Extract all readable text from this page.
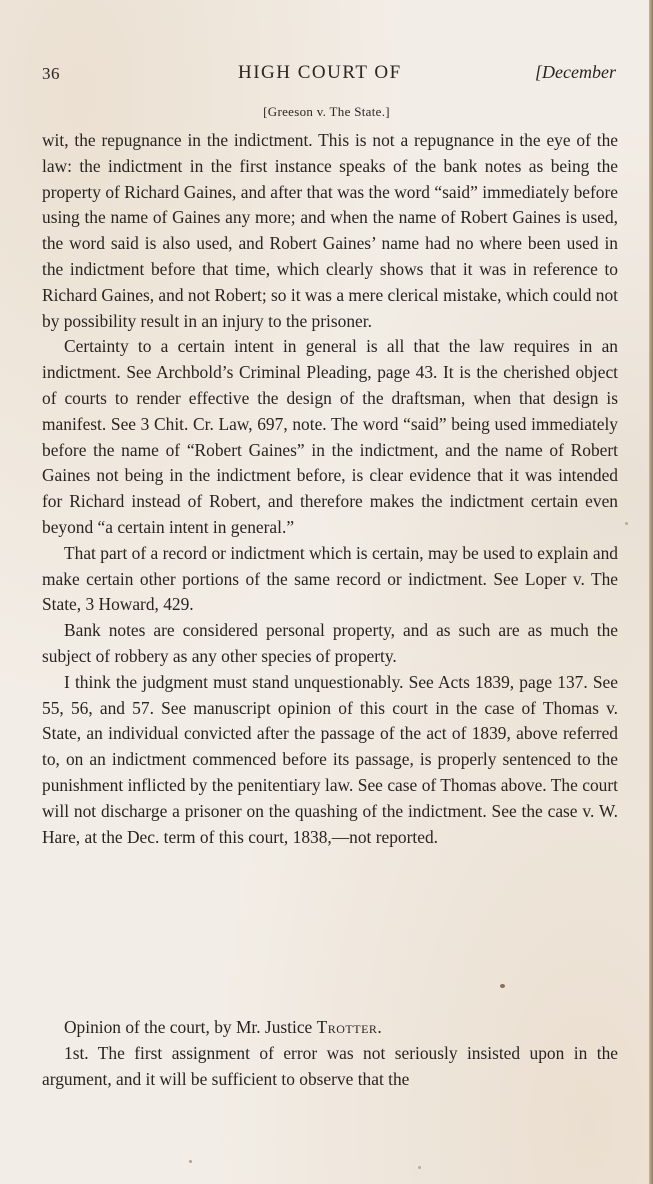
36	HIGH COURT OF	[December
[Greeson v. The State.]

wit, the repugnance in the indictment. This is not a repugnance in the eye of the law: the indictment in the first instance speaks of the bank notes as being the property of Richard Gaines, and after that was the word “said” immediately before using the name of Gaines any more; and when the name of Robert Gaines is used, the word said is also used, and Robert Gaines’ name had no where been used in the indictment before that time, which clearly shows that it was in reference to Richard Gaines, and not Robert; so it was a mere clerical mistake, which could not by possibility result in an injury to the prisoner.

Certainty to a certain intent in general is all that the law requires in an indictment. See Archbold’s Criminal Pleading, page 43. It is the cherished object of courts to render effective the design of the draftsman, when that design is manifest. See 3 Chit. Cr. Law, 697, note. The word “said” being used immediately before the name of “Robert Gaines” in the indictment, and the name of Robert Gaines not being in the indictment before, is clear evidence that it was intended for Richard instead of Robert, and therefore makes the indictment certain even beyond “a certain intent in general.”

That part of a record or indictment which is certain, may be used to explain and make certain other portions of the same record or indictment. See Loper v. The State, 3 Howard, 429.

Bank notes are considered personal property, and as such are as much the subject of robbery as any other species of property.

I think the judgment must stand unquestionably. See Acts 1839, page 137. See 55, 56, and 57. See manuscript opinion of this court in the case of Thomas v. State, an individual convicted after the passage of the act of 1839, above referred to, on an indictment commenced before its passage, is properly sentenced to the punishment inflicted by the penitentiary law. See case of Thomas above. The court will not discharge a prisoner on the quashing of the indictment. See the case v. W. Hare, at the Dec. term of this court, 1838,—not reported.

Opinion of the court, by Mr. Justice Trotter.

1st. The first assignment of error was not seriously insisted upon in the argument, and it will be sufficient to observe that the
